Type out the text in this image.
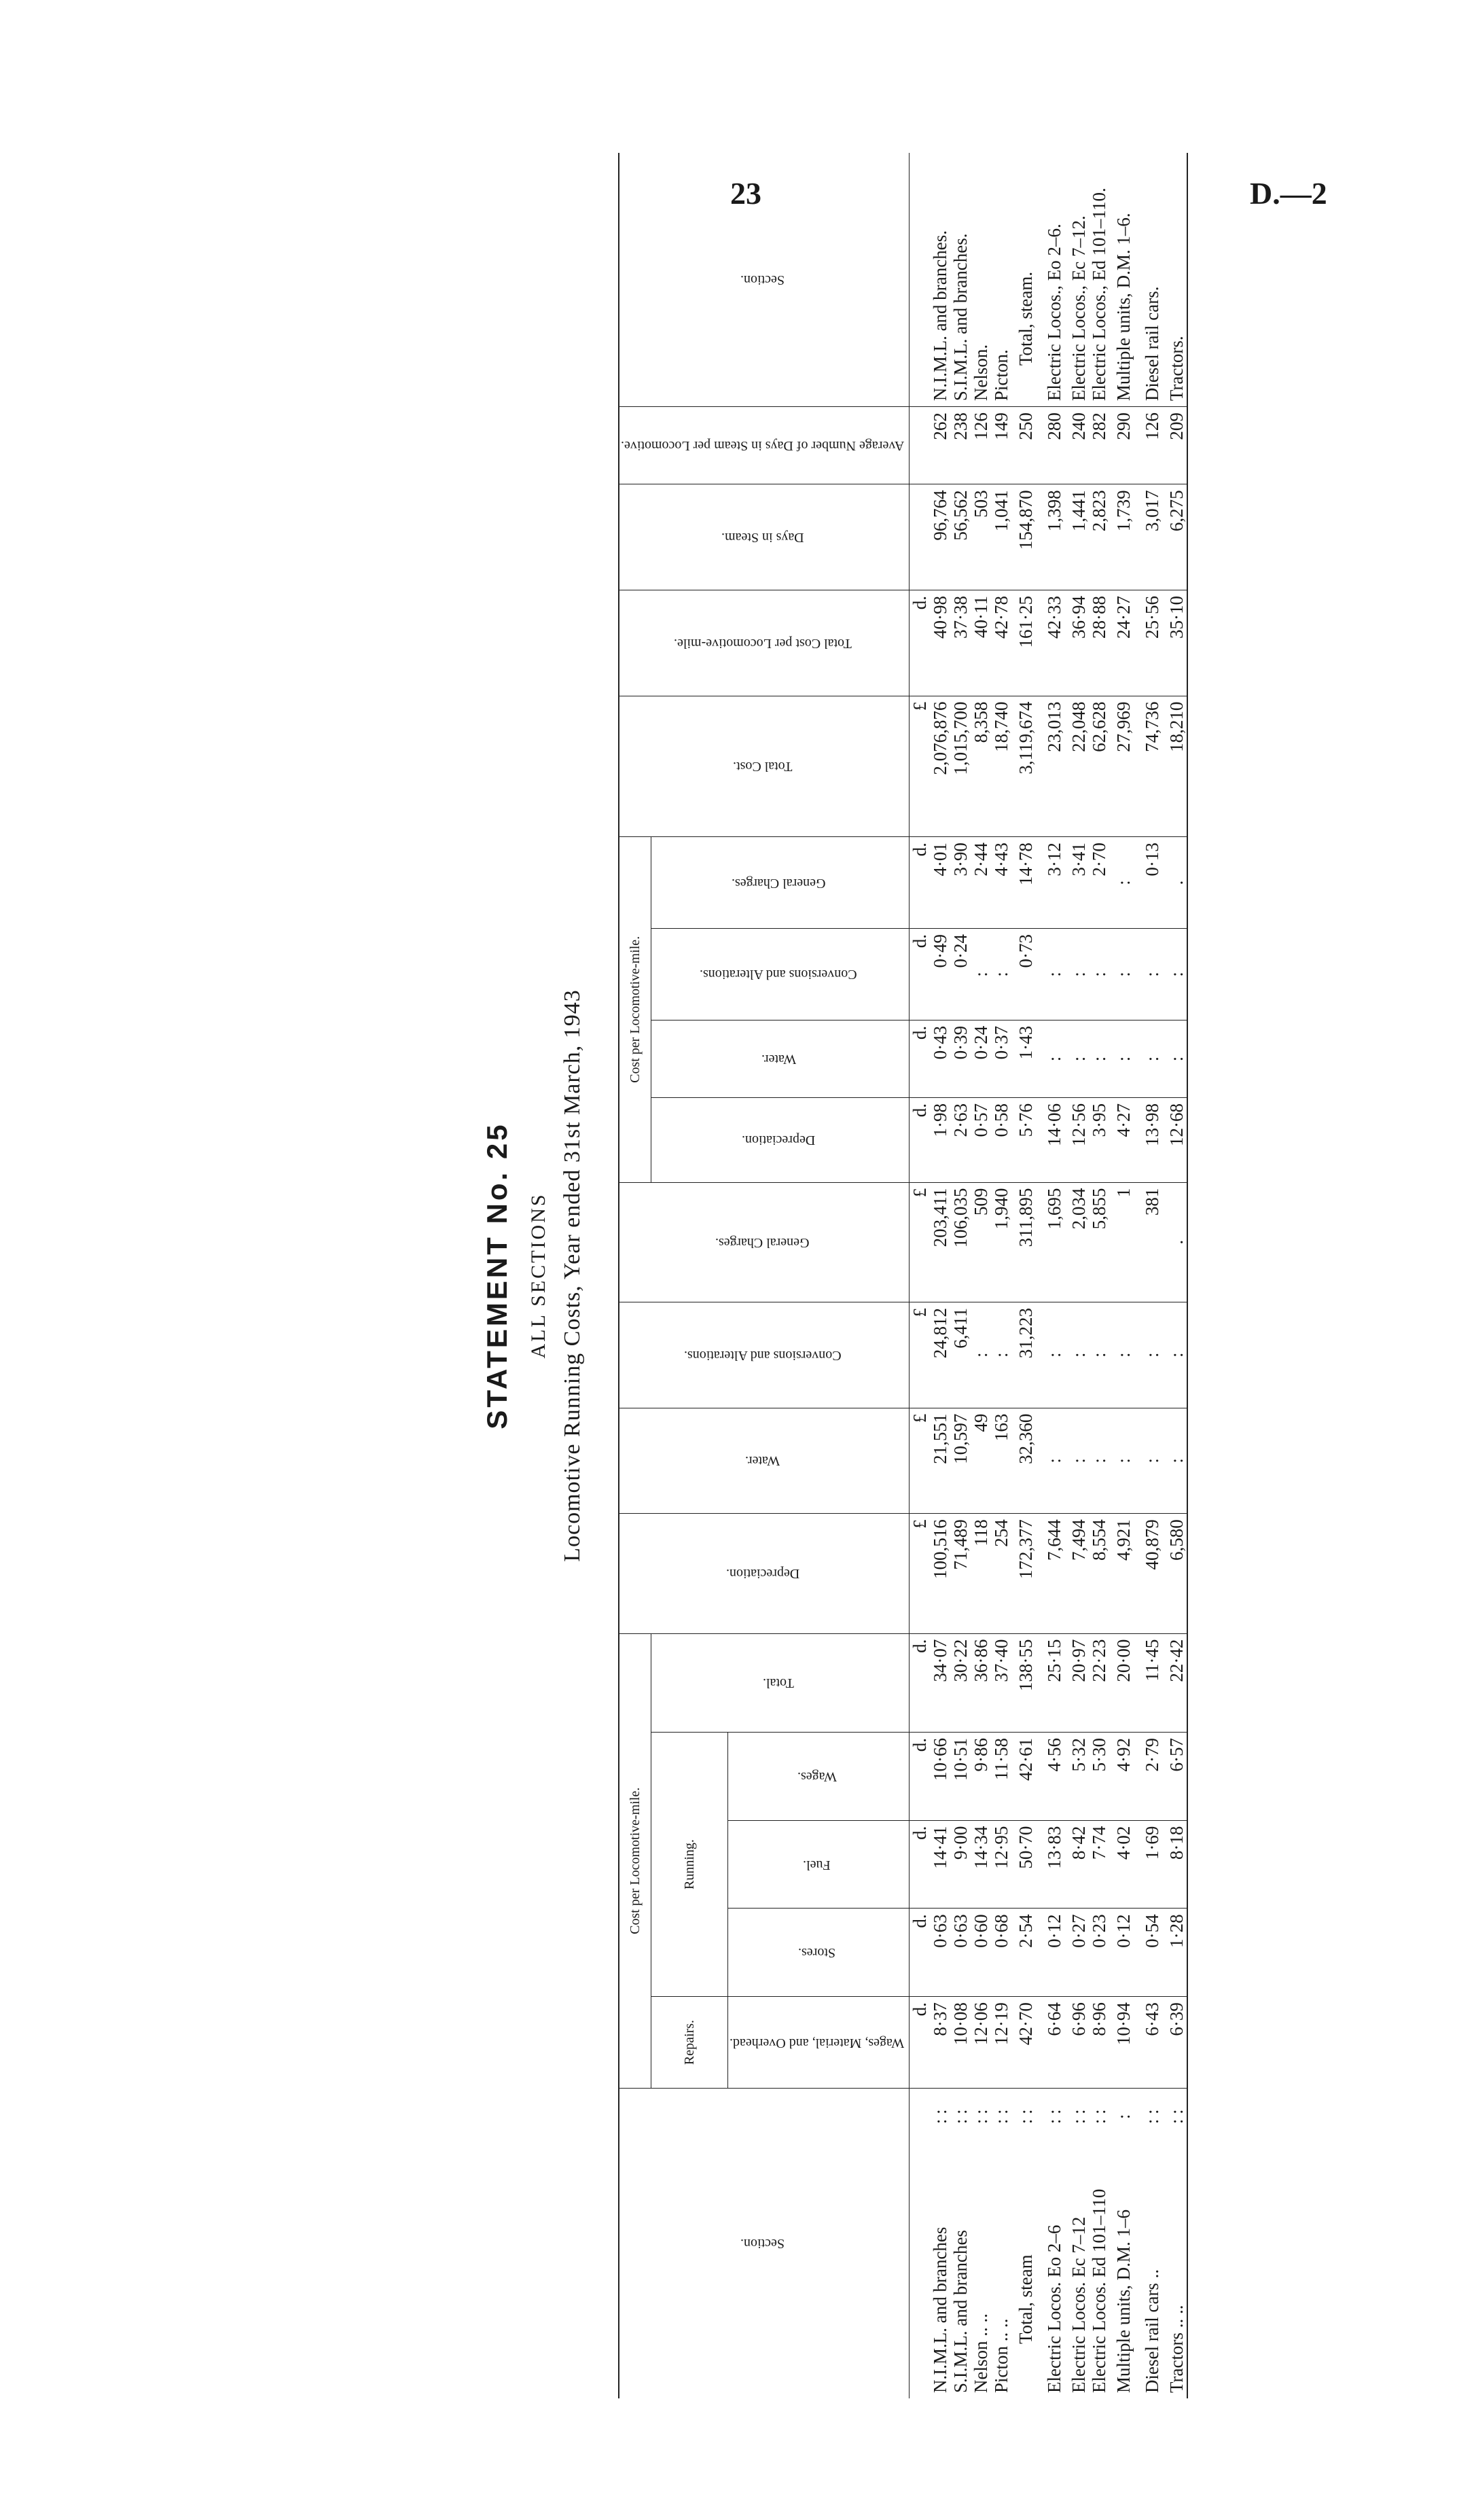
23	D.—2
STATEMENT No. 25 ALL SECTIONS Locomotive Running Costs, Year ended 31st March, 1943
Section.		Cost per Locomotive-mile.					Depreciation.	Water.	Conversions and Alterations.	General Charges.	Cost per Locomotive-mile.				Total Cost.	Total Cost per Locomotive-mile.	Days in Steam.	Average Number of Days in Steam per Locomotive.	Section.
		Repairs.	Running.			Total.					Depreciation.	Water.	Conversions and Alterations.	General Charges.					
		Wages, Material, and Overhead.	Stores.	Fuel.	Wages.														
		d.	d.	d.	d.	d.	£	£	£	£	d.	d.	d.	d.	£	d.			
N.I.M.L. and branches	: :	8·37	0·63	14·41	10·66	34·07	100,516	21,551	24,812	203,411	1·98	0·43	0·49	4·01	2,076,876	40·98	96,764	262	N.I.M.L. and branches.
S.I.M.L. and branches	: :	10·08	0·63	9·00	10·51	30·22	71,489	10,597	6,411	106,035	2·63	0·39	0·24	3·90	1,015,700	37·38	56,562	238	S.I.M.L. and branches.
Nelson .. ..	: :	12·06	0·60	14·34	9·86	36·86	118	49	:	509	0·57	0·24	:	2·44	8,358	40·11	503	126	Nelson.
Picton .. ..	: :	12·19	0·68	12·95	11·58	37·40	254	163	:	1,940	0·58	0·37	:	4·43	18,740	42·78	1,041	149	Picton.
Total, steam	: :	42·70	2·54	50·70	42·61	138·55	172,377	32,360	31,223	311,895	5·76	1·43	0·73	14·78	3,119,674	161·25	154,870	250	Total, steam.
Electric Locos. Eo 2–6	: :	6·64	0·12	13·83	4·56	25·15	7,644	:	:	1,695	14·06	:	:	3·12	23,013	42·33	1,398	280	Electric Locos., Eo 2–6.
Electric Locos. Ec 7–12	: :	6·96	0·27	8·42	5·32	20·97	7,494	:	:	2,034	12·56	:	:	3·41	22,048	36·94	1,441	240	Electric Locos., Ec 7–12.
Electric Locos. Ed 101–110	: :	8·96	0·23	7·74	5·30	22·23	8,554	:	:	5,855	3·95	:	:	2·70	62,628	28·88	2,823	282	Electric Locos., Ed 101–110.
Multiple units, D.M. 1–6	:	10·94	0·12	4·02	4·92	20·00	4,921	:	:	1	4·27	:	:	:	27,969	24·27	1,739	290	Multiple units, D.M. 1–6.
Diesel rail cars ..	: :	6·43	0·54	1·69	2·79	11·45	40,879	:	:	381	13·98	:	:	0·13	74,736	25·56	3,017	126	Diesel rail cars.
Tractors .. ..	: :	6·39	1·28	8·18	6·57	22·42	6,580	:	:	.	12·68	:	:	.	18,210	35·10	6,275	209	Tractors.
